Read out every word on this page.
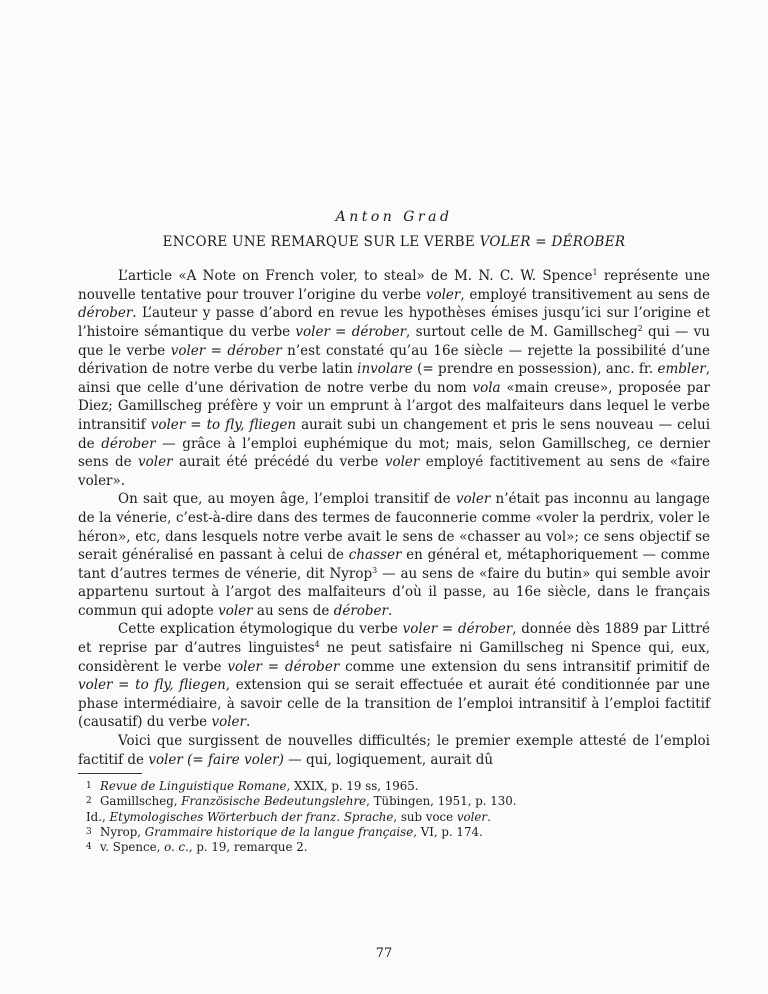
Anton Grad
ENCORE UNE REMARQUE SUR LE VERBE VOLER = DÉROBER

L’article «A Note on French voler, to steal» de M. N. C. W. Spence$^1$ représente une nouvelle tentative pour trouver l’origine du verbe voler, employé transitivement au sens de dérober. L’auteur y passe d’abord en revue les hypothèses émises jusqu’ici sur l’origine et l’histoire sémantique du verbe voler = dérober, surtout celle de M. Gamillscheg$^2$ qui — vu que le verbe voler = dérober n’est constaté qu’au 16e siècle — rejette la possibilité d’une dérivation de notre verbe du verbe latin involare (= prendre en possession), anc. fr. embler, ainsi que celle d’une dérivation de notre verbe du nom vola «main creuse», proposée par Diez; Gamillscheg préfère y voir un emprunt à l’argot des malfaiteurs dans lequel le verbe intransitif voler = to fly, fliegen aurait subi un changement et pris le sens nouveau — celui de dérober — grâce à l’emploi euphémique du mot; mais, selon Gamillscheg, ce dernier sens de voler aurait été précédé du verbe voler employé factitivement au sens de «faire voler».

On sait que, au moyen âge, l’emploi transitif de voler n’était pas inconnu au langage de la vénerie, c’est-à-dire dans des termes de fauconnerie comme «voler la perdrix, voler le héron», etc, dans lesquels notre verbe avait le sens de «chasser au vol»; ce sens objectif se serait généralisé en passant à celui de chasser en général et, métaphoriquement — comme tant d’autres termes de vénerie, dit Nyrop$^3$ — au sens de «faire du butin» qui semble avoir appartenu surtout à l’argot des malfaiteurs d’où il passe, au 16e siècle, dans le français commun qui adopte voler au sens de dérober.

Cette explication étymologique du verbe voler = dérober, donnée dès 1889 par Littré et reprise par d’autres linguistes$^4$ ne peut satisfaire ni Gamillscheg ni Spence qui, eux, considèrent le verbe voler = dérober comme une extension du sens intransitif primitif de voler = to fly, fliegen, extension qui se serait effectuée et aurait été conditionnée par une phase intermédiaire, à savoir celle de la transition de l’emploi intransitif à l’emploi factitif (causatif) du verbe voler.

Voici que surgissent de nouvelles difficultés; le premier exemple attesté de l’emploi factitif de voler (= faire voler) — qui, logiquement, aurait dû

1 Revue de Linguistique Romane, XXIX, p. 19 ss, 1965.
2 Gamillscheg, Französische Bedeutungslehre, Tübingen, 1951, p. 130.
Id., Etymologisches Wörterbuch der franz. Sprache, sub voce voler.
3 Nyrop, Grammaire historique de la langue française, VI, p. 174.
4 v. Spence, o. c., p. 19, remarque 2.
77
